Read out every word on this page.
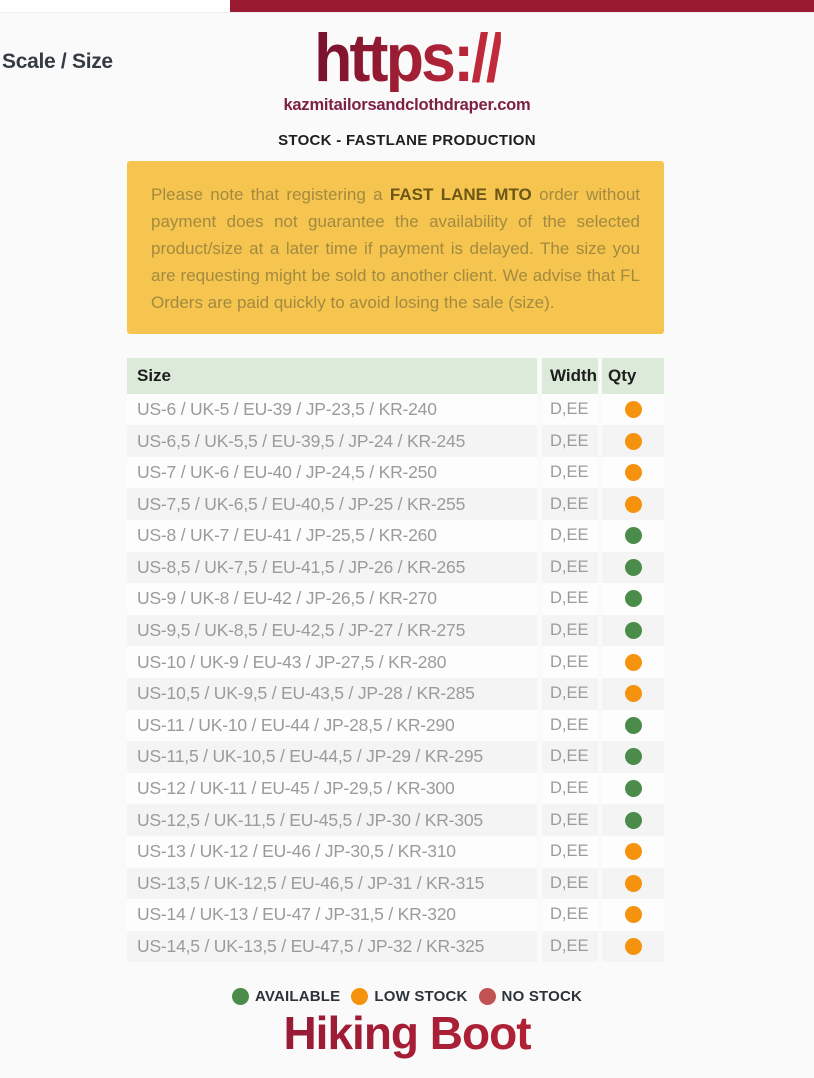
Scale / Size	https://
kazmitailorsandclothdraper.com
STOCK - FASTLANE PRODUCTION
Please note that registering a FAST LANE MTO order without payment does not guarantee the availability of the selected product/size at a later time if payment is delayed. The size you are requesting might be sold to another client. We advise that FL Orders are paid quickly to avoid losing the sale (size).
Size	Width Qty
US-6 / UK-5 / EU-39 / JP-23,5 / KR-240	D,EE
US-6,5 / UK-5,5 / EU-39,5 / JP-24 / KR-245	D,EE
US-7 / UK-6 / EU-40 / JP-24,5 / KR-250	D,EE
US-7,5 / UK-6,5 / EU-40,5 / JP-25 / KR-255	D,EE
US-8 / UK-7 / EU-41 / JP-25,5 / KR-260	D,EE
US-8,5 / UK-7,5 / EU-41,5 / JP-26 / KR-265	D,EE
US-9 / UK-8 / EU-42 / JP-26,5 / KR-270	D,EE
US-9,5 / UK-8,5 / EU-42,5 / JP-27 / KR-275	D,EE
US-10 / UK-9 / EU-43 / JP-27,5 / KR-280	D,EE
US-10,5 / UK-9,5 / EU-43,5 / JP-28 / KR-285	D,EE
US-11 / UK-10 / EU-44 / JP-28,5 / KR-290	D,EE
US-11,5 / UK-10,5 / EU-44,5 / JP-29 / KR-295	D,EE
US-12 / UK-11 / EU-45 / JP-29,5 / KR-300	D,EE
US-12,5 / UK-11,5 / EU-45,5 / JP-30 / KR-305	D,EE
US-13 / UK-12 / EU-46 / JP-30,5 / KR-310	D,EE
US-13,5 / UK-12,5 / EU-46,5 / JP-31 / KR-315	D,EE
US-14 / UK-13 / EU-47 / JP-31,5 / KR-320	D,EE
US-14,5 / UK-13,5 / EU-47,5 / JP-32 / KR-325	D,EE
AVAILABLE LOW STOCK NO STOCK
Hiking Boot
